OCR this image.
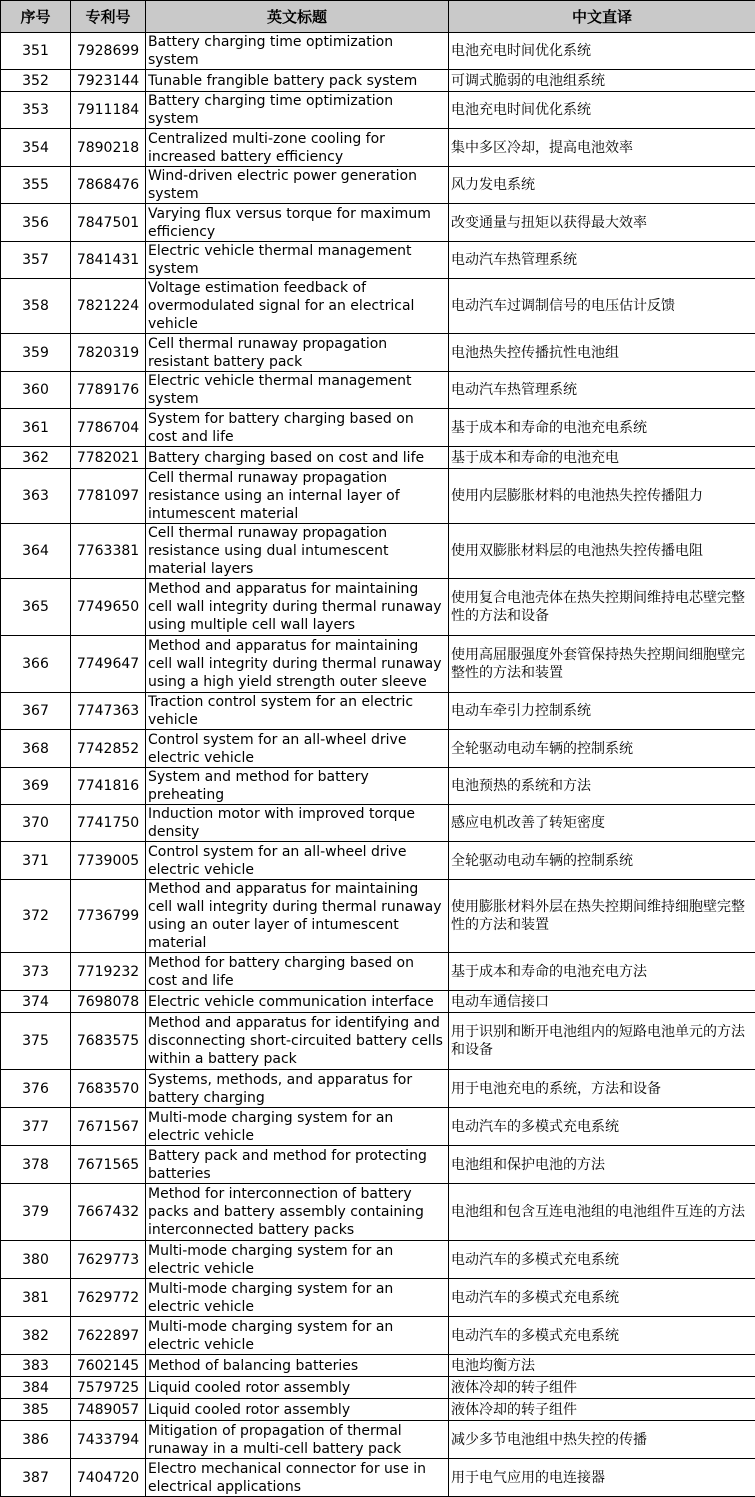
序号	专利号	英文标题	中文直译
351	7928699	Battery charging time optimization system	电池充电时间优化系统
352	7923144	Tunable frangible battery pack system	可调式脆弱的电池组系统
353	7911184	Battery charging time optimization system	电池充电时间优化系统
354	7890218	Centralized multi-zone cooling for increased battery efficiency	集中多区冷却，提高电池效率
355	7868476	Wind-driven electric power generation system	风力发电系统
356	7847501	Varying flux versus torque for maximum efficiency	改变通量与扭矩以获得最大效率
357	7841431	Electric vehicle thermal management system	电动汽车热管理系统
358	7821224	Voltage estimation feedback of overmodulated signal for an electrical vehicle	电动汽车过调制信号的电压估计反馈
359	7820319	Cell thermal runaway propagation resistant battery pack	电池热失控传播抗性电池组
360	7789176	Electric vehicle thermal management system	电动汽车热管理系统
361	7786704	System for battery charging based on cost and life	基于成本和寿命的电池充电系统
362	7782021	Battery charging based on cost and life	基于成本和寿命的电池充电
363	7781097	Cell thermal runaway propagation resistance using an internal layer of intumescent material	使用内层膨胀材料的电池热失控传播阻力
364	7763381	Cell thermal runaway propagation resistance using dual intumescent material layers	使用双膨胀材料层的电池热失控传播电阻
365	7749650	Method and apparatus for maintaining cell wall integrity during thermal runaway using multiple cell wall layers	使用复合电池壳体在热失控期间维持电芯壁完整性的方法和设备
366	7749647	Method and apparatus for maintaining cell wall integrity during thermal runaway using a high yield strength outer sleeve	使用高屈服强度外套管保持热失控期间细胞壁完整性的方法和装置
367	7747363	Traction control system for an electric vehicle	电动车牵引力控制系统
368	7742852	Control system for an all-wheel drive electric vehicle	全轮驱动电动车辆的控制系统
369	7741816	System and method for battery preheating	电池预热的系统和方法
370	7741750	Induction motor with improved torque density	感应电机改善了转矩密度
371	7739005	Control system for an all-wheel drive electric vehicle	全轮驱动电动车辆的控制系统
372	7736799	Method and apparatus for maintaining cell wall integrity during thermal runaway using an outer layer of intumescent material	使用膨胀材料外层在热失控期间维持细胞壁完整性的方法和装置
373	7719232	Method for battery charging based on cost and life	基于成本和寿命的电池充电方法
374	7698078	Electric vehicle communication interface	电动车通信接口
375	7683575	Method and apparatus for identifying and disconnecting short-circuited battery cells within a battery pack	用于识别和断开电池组内的短路电池单元的方法和设备
376	7683570	Systems, methods, and apparatus for battery charging	用于电池充电的系统，方法和设备
377	7671567	Multi-mode charging system for an electric vehicle	电动汽车的多模式充电系统
378	7671565	Battery pack and method for protecting batteries	电池组和保护电池的方法
379	7667432	Method for interconnection of battery packs and battery assembly containing interconnected battery packs	电池组和包含互连电池组的电池组件互连的方法
380	7629773	Multi-mode charging system for an electric vehicle	电动汽车的多模式充电系统
381	7629772	Multi-mode charging system for an electric vehicle	电动汽车的多模式充电系统
382	7622897	Multi-mode charging system for an electric vehicle	电动汽车的多模式充电系统
383	7602145	Method of balancing batteries	电池均衡方法
384	7579725	Liquid cooled rotor assembly	液体冷却的转子组件
385	7489057	Liquid cooled rotor assembly	液体冷却的转子组件
386	7433794	Mitigation of propagation of thermal runaway in a multi-cell battery pack	减少多节电池组中热失控的传播
387	7404720	Electro mechanical connector for use in electrical applications	用于电气应用的电连接器
